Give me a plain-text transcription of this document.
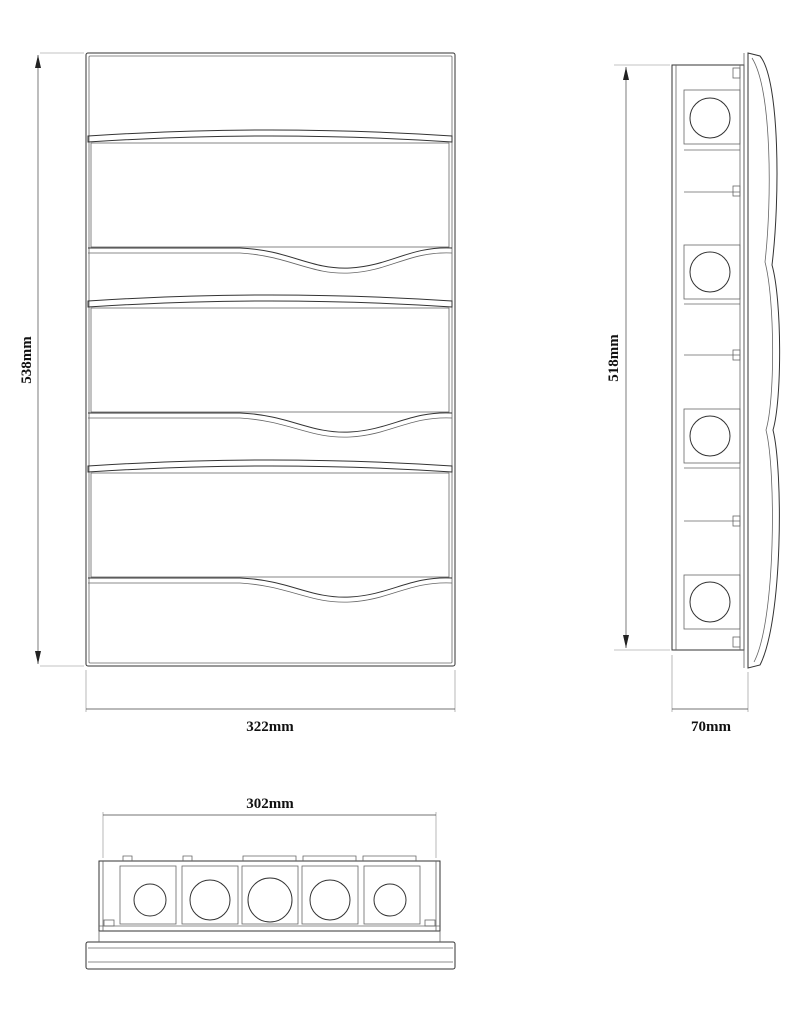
538mm
322mm
518mm
70mm
302mm
